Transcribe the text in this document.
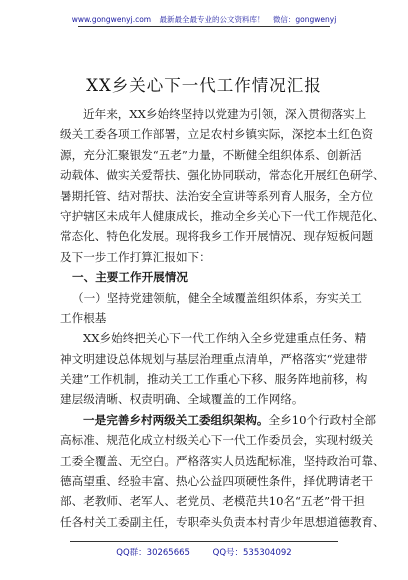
www.gongwenyj.com 最新最全最专业的公文资料库！ 微信：gongwenyj
XX乡关心下一代工作情况汇报
近年来，XX乡始终坚持以党建为引领，深入贯彻落实上
级关工委各项工作部署，立足农村乡镇实际，深挖本土红色资
源，充分汇聚银发“五老”力量，不断健全组织体系、创新活
动载体、做实关爱帮扶、强化协同联动，常态化开展红色研学、
暑期托管、结对帮扶、法治安全宣讲等系列育人服务，全方位
守护辖区未成年人健康成长，推动全乡关心下一代工作规范化、
常态化、特色化发展。现将我乡工作开展情况、现存短板问题
及下一步工作打算汇报如下：
一、主要工作开展情况
（一）坚持党建领航，健全全域覆盖组织体系，夯实关工
工作根基
XX乡始终把关心下一代工作纳入全乡党建重点任务、精
神文明建设总体规划与基层治理重点清单，严格落实“党建带
关建”工作机制，推动关工工作重心下移、服务阵地前移，构
建层级清晰、权责明确、全域覆盖的工作网络。
一是完善乡村两级关工委组织架构。全乡10个行政村全部
高标准、规范化成立村级关心下一代工作委员会，实现村级关
工委全覆盖、无空白。严格落实人员选配标准，坚持政治可靠、
德高望重、经验丰富、热心公益四项硬性条件，择优聘请老干
部、老教师、老军人、老党员、老模范共10名“五老”骨干担
任各村关工委副主任，专职牵头负责本村青少年思想道德教育、
QQ群：30265665	QQ号：535304092
